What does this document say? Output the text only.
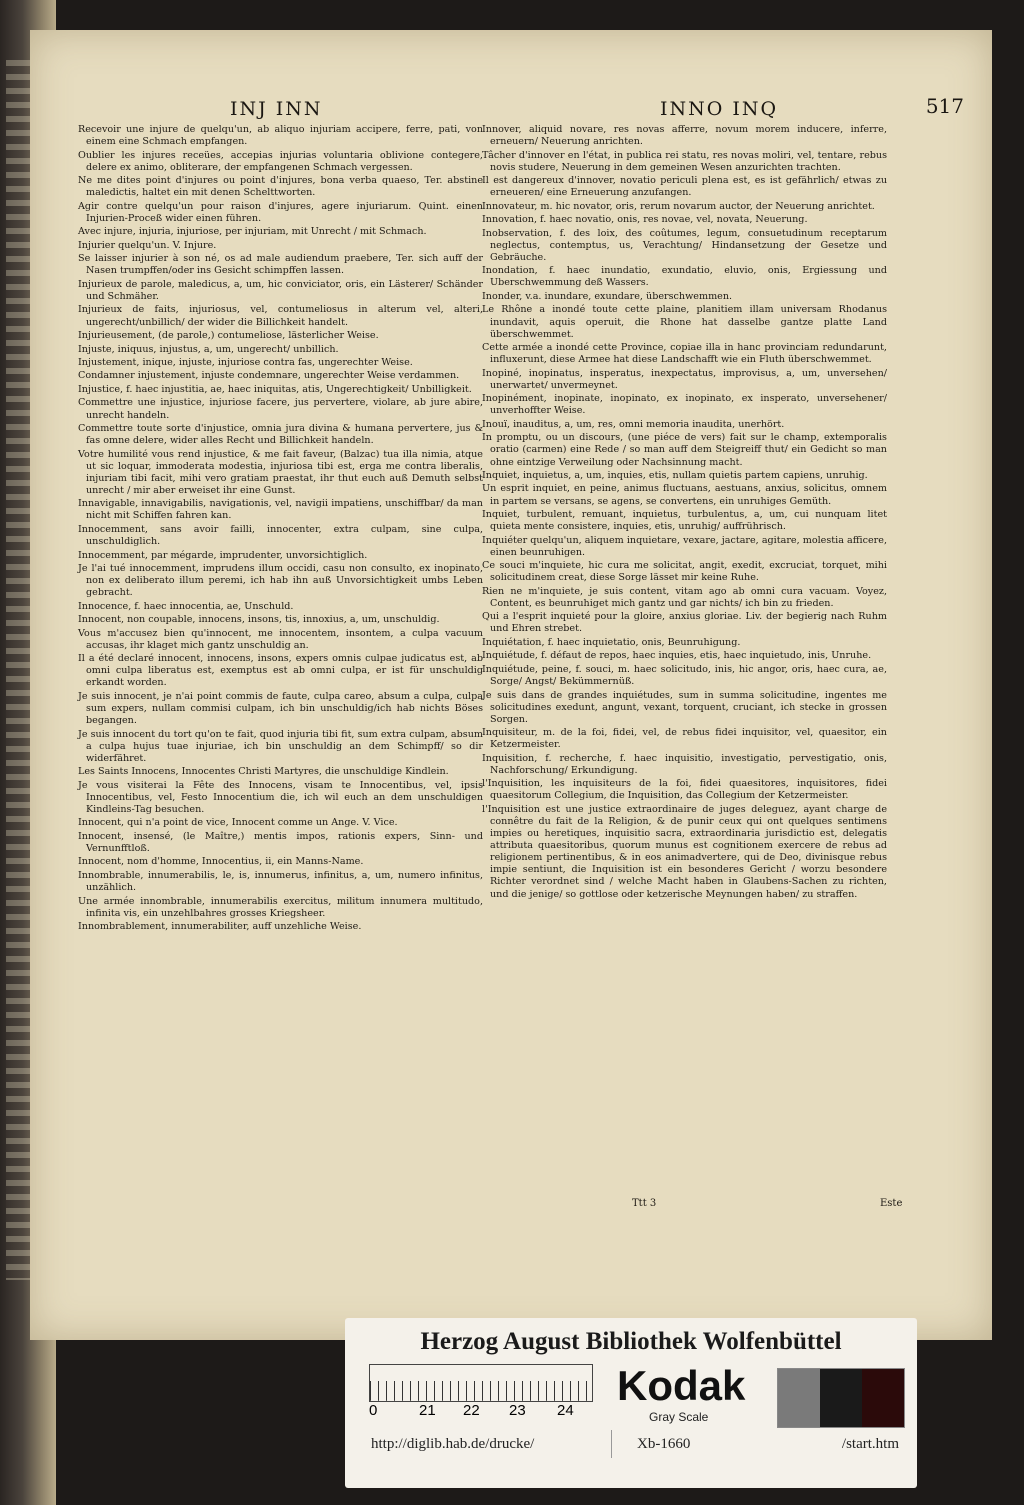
INJ INN	INNO INQ	517

Recevoir une injure de quelqu'un, ab aliquo injuriam accipere, ferre, pati, von einem eine Schmach empfangen.

Oublier les injures receües, accepias injurias voluntaria oblivione contegere, delere ex animo, obliterare, der empfangenen Schmach vergessen.

Ne me dites point d'injures ou point d'injures, bona verba quaeso, Ter. abstine maledictis, haltet ein mit denen Schelttworten.

Agir contre quelqu'un pour raison d'injures, agere injuriarum. Quint. einen Injurien-Proceß wider einen führen.

Avec injure, injuria, injuriose, per injuriam, mit Unrecht / mit Schmach.

Injurier quelqu'un. V. Injure.

Se laisser injurier à son né, os ad male audiendum praebere, Ter. sich auff der Nasen trumpffen/oder ins Gesicht schimpffen lassen.

Injurieux de parole, maledicus, a, um, hic conviciator, oris, ein Lästerer/ Schänder und Schmäher.

Injurieux de faits, injuriosus, vel, contumeliosus in alterum vel, alteri, ungerecht/unbillich/ der wider die Billichkeit handelt.

Injurieusement, (de parole,) contumeliose, lästerlicher Weise.

Injuste, iniquus, injustus, a, um, ungerecht/ unbillich.

Injustement, inique, injuste, injuriose contra fas, ungerechter Weise.

Condamner injustement, injuste condemnare, ungerechter Weise verdammen.

Injustice, f. haec injustitia, ae, haec iniquitas, atis, Ungerechtigkeit/ Unbilligkeit.

Commettre une injustice, injuriose facere, jus pervertere, violare, ab jure abire, unrecht handeln.

Commettre toute sorte d'injustice, omnia jura divina & humana pervertere, jus & fas omne delere, wider alles Recht und Billichkeit handeln.

Votre humilité vous rend injustice, & me fait faveur, (Balzac) tua illa nimia, atque ut sic loquar, immoderata modestia, injuriosa tibi est, erga me contra liberalis, injuriam tibi facit, mihi vero gratiam praestat, ihr thut euch auß Demuth selbst unrecht / mir aber erweiset ihr eine Gunst.

Innavigable, innavigabilis, navigationis, vel, navigii impatiens, unschiffbar/ da man nicht mit Schiffen fahren kan.

Innocemment, sans avoir failli, innocenter, extra culpam, sine culpa, unschuldiglich.

Innocemment, par mégarde, imprudenter, unvorsichtiglich.

Je l'ai tué innocemment, imprudens illum occidi, casu non consulto, ex inopinato, non ex deliberato illum peremi, ich hab ihn auß Unvorsichtigkeit umbs Leben gebracht.

Innocence, f. haec innocentia, ae, Unschuld.

Innocent, non coupable, innocens, insons, tis, innoxius, a, um, unschuldig.

Vous m'accusez bien qu'innocent, me innocentem, insontem, a culpa vacuum accusas, ihr klaget mich gantz unschuldig an.

Il a été declaré innocent, innocens, insons, expers omnis culpae judicatus est, ab omni culpa liberatus est, exemptus est ab omni culpa, er ist für unschuldig erkandt worden.

Je suis innocent, je n'ai point commis de faute, culpa careo, absum a culpa, culpa sum expers, nullam commisi culpam, ich bin unschuldig/ich hab nichts Böses begangen.

Je suis innocent du tort qu'on te fait, quod injuria tibi fit, sum extra culpam, absum a culpa hujus tuae injuriae, ich bin unschuldig an dem Schimpff/ so dir widerfähret.

Les Saints Innocens, Innocentes Christi Martyres, die unschuldige Kindlein.

Je vous visiterai la Fête des Innocens, visam te Innocentibus, vel, ipsis Innocentibus, vel, Festo Innocentium die, ich wil euch an dem unschuldigen Kindleins-Tag besuchen.

Innocent, qui n'a point de vice, Innocent comme un Ange. V. Vice.

Innocent, insensé, (le Maître,) mentis impos, rationis expers, Sinn- und Vernunfftloß.

Innocent, nom d'homme, Innocentius, ii, ein Manns-Name.

Innombrable, innumerabilis, le, is, innumerus, infinitus, a, um, numero infinitus, unzählich.

Une armée innombrable, innumerabilis exercitus, militum innumera multitudo, infinita vis, ein unzehlbahres grosses Kriegsheer.

Innombrablement, innumerabiliter, auff unzehliche Weise.

Innover, aliquid novare, res novas afferre, novum morem inducere, inferre, erneuern/ Neuerung anrichten.

Tâcher d'innover en l'état, in publica rei statu, res novas moliri, vel, tentare, rebus novis studere, Neuerung in dem gemeinen Wesen anzurichten trachten.

Il est dangereux d'innover, novatio periculi plena est, es ist gefährlich/ etwas zu erneueren/ eine Erneuerung anzufangen.

Innovateur, m. hic novator, oris, rerum novarum auctor, der Neuerung anrichtet.

Innovation, f. haec novatio, onis, res novae, vel, novata, Neuerung.

Inobservation, f. des loix, des coûtumes, legum, consuetudinum receptarum neglectus, contemptus, us, Verachtung/ Hindansetzung der Gesetze und Gebräuche.

Inondation, f. haec inundatio, exundatio, eluvio, onis, Ergiessung und Uberschwemmung deß Wassers.

Inonder, v.a. inundare, exundare, überschwemmen.

Le Rhône a inondé toute cette plaine, planitiem illam universam Rhodanus inundavit, aquis operuit, die Rhone hat dasselbe gantze platte Land überschwemmet.

Cette armée a inondé cette Province, copiae illa in hanc provinciam redundarunt, influxerunt, diese Armee hat diese Landschafft wie ein Fluth überschwemmet.

Inopiné, inopinatus, insperatus, inexpectatus, improvisus, a, um, unversehen/ unerwartet/ unvermeynet.

Inopinément, inopinate, inopinato, ex inopinato, ex insperato, unversehener/ unverhoffter Weise.

Inouï, inauditus, a, um, res, omni memoria inaudita, unerhört.

In promptu, ou un discours, (une piéce de vers) fait sur le champ, extemporalis oratio (carmen) eine Rede / so man auff dem Steigreiff thut/ ein Gedicht so man ohne eintzige Verweilung oder Nachsinnung macht.

Inquiet, inquietus, a, um, inquies, etis, nullam quietis partem capiens, unruhig.

Un esprit inquiet, en peine, animus fluctuans, aestuans, anxius, solicitus, omnem in partem se versans, se agens, se convertens, ein unruhiges Gemüth.

Inquiet, turbulent, remuant, inquietus, turbulentus, a, um, cui nunquam litet quieta mente consistere, inquies, etis, unruhig/ auffrührisch.

Inquiéter quelqu'un, aliquem inquietare, vexare, jactare, agitare, molestia afficere, einen beunruhigen.

Ce souci m'inquiete, hic cura me solicitat, angit, exedit, excruciat, torquet, mihi solicitudinem creat, diese Sorge lässet mir keine Ruhe.

Rien ne m'inquiete, je suis content, vitam ago ab omni cura vacuam. Voyez, Content, es beunruhiget mich gantz und gar nichts/ ich bin zu frieden.

Qui a l'esprit inquieté pour la gloire, anxius gloriae. Liv. der begierig nach Ruhm und Ehren strebet.

Inquiétation, f. haec inquietatio, onis, Beunruhigung.

Inquiétude, f. défaut de repos, haec inquies, etis, haec inquietudo, inis, Unruhe.

Inquiétude, peine, f. souci, m. haec solicitudo, inis, hic angor, oris, haec cura, ae, Sorge/ Angst/ Bekümmernüß.

Je suis dans de grandes inquiétudes, sum in summa solicitudine, ingentes me solicitudines exedunt, angunt, vexant, torquent, cruciant, ich stecke in grossen Sorgen.

Inquisiteur, m. de la foi, fidei, vel, de rebus fidei inquisitor, vel, quaesitor, ein Ketzermeister.

Inquisition, f. recherche, f. haec inquisitio, investigatio, pervestigatio, onis, Nachforschung/ Erkundigung.

l'Inquisition, les inquisiteurs de la foi, fidei quaesitores, inquisitores, fidei quaesitorum Collegium, die Inquisition, das Collegium der Ketzermeister.

l'Inquisition est une justice extraordinaire de juges deleguez, ayant charge de connêtre du fait de la Religion, & de punir ceux qui ont quelques sentimens impies ou heretiques, inquisitio sacra, extraordinaria jurisdictio est, delegatis attributa quaesitoribus, quorum munus est cognitionem exercere de rebus ad religionem pertinentibus, & in eos animadvertere, qui de Deo, divinisque rebus impie sentiunt, die Inquisition ist ein besonderes Gericht / worzu besondere Richter verordnet sind / welche Macht haben in Glaubens-Sachen zu richten, und die jenige/ so gottlose oder ketzerische Meynungen haben/ zu straffen.

Ttt 3	Este
Herzog August Bibliothek Wolfenbüttel
0	21 22 23 24
Kodak
Gray Scale
http://diglib.hab.de/drucke/	Xb-1660	/start.htm
